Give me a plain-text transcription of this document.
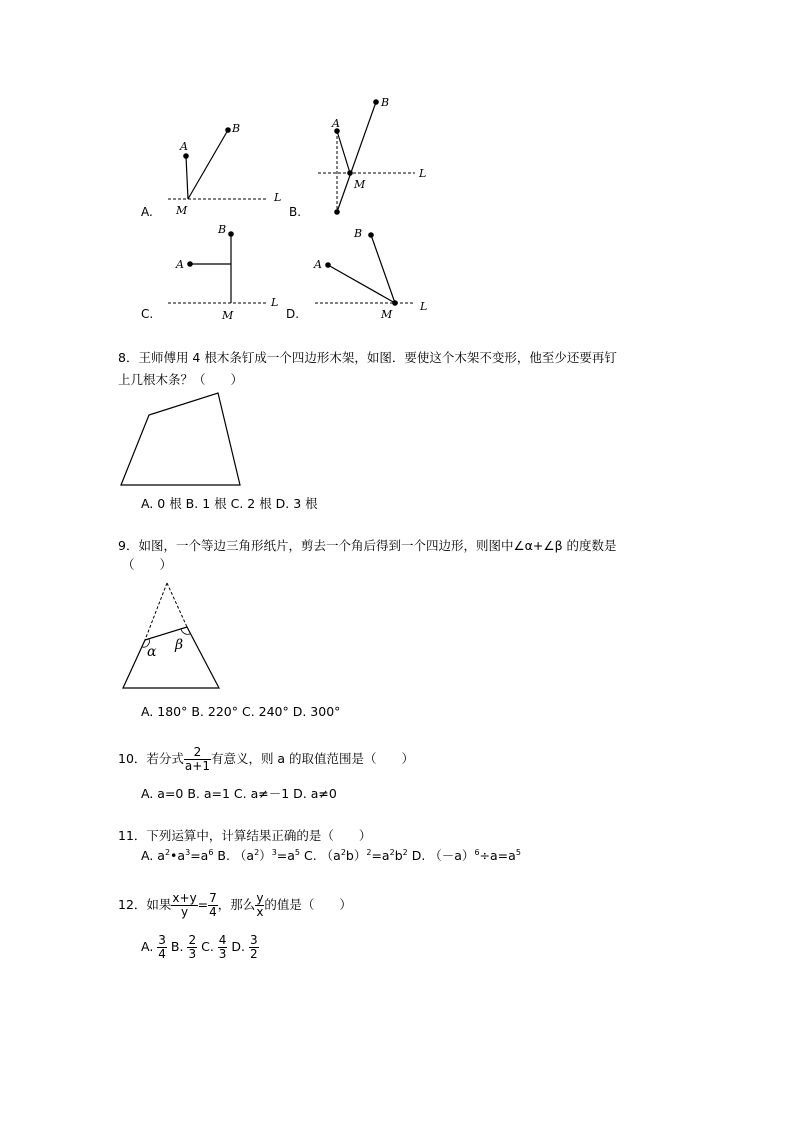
A.
A
B
M
L
B.
A
B
M
L
C.
B
A
M
L
D.
A
B
M
L
8．王师傅用 4 根木条钉成一个四边形木架，如图．要使这个木架不变形，他至少还要再钉
上几根木条？（　　）
A. 0 根 B. 1 根 C. 2 根 D. 3 根
9．如图，一个等边三角形纸片，剪去一个角后得到一个四边形，则图中∠α+∠β 的度数是
（　　）
α β
A. 180° B. 220° C. 240° D. 300°
10．若分式 $\frac{2}{a+1}$ 有意义，则 a 的取值范围是（　　）
A. a=0 B. a=1 C. a≠－1 D. a≠0
11．下列运算中，计算结果正确的是（　　）
A. $a^2•a^3=a^6$ B. $(a^2)^3=a^5$ C. $(a^2b)^2=a^2b^2$ D. $(-a)^6\div a=a^5$
12．如果 $\frac{x+y}{y} = \frac{7}{4}$ ，那么 $\frac{y}{x}$ 的值是（　　）
A. $\frac{3}{4} B$. $\frac{2}{3} C$. $\frac{4}{3} D$. $\frac{3}{2}$
